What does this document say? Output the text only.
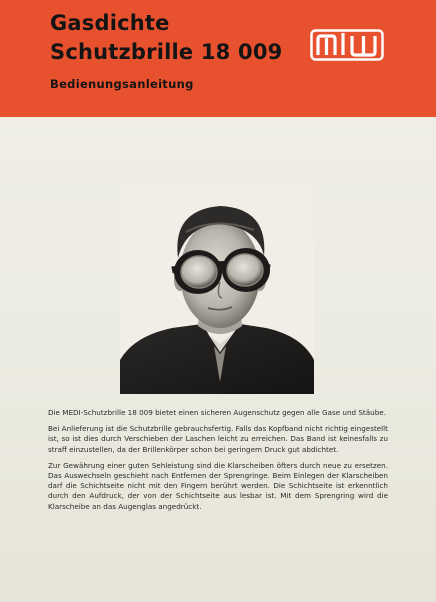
Gasdichte
Schutzbrille 18 009
Bedienungsanleitung

Die MEDI-Schutzbrille 18 009 bietet einen sicheren Augenschutz gegen alle Gase und Stäube.

Bei Anlieferung ist die Schutzbrille gebrauchsfertig. Falls das Kopfband nicht richtig eingestellt ist, so ist dies durch Verschieben der Laschen leicht zu erreichen. Das Band ist keinesfalls zu straff einzustellen, da der Brillenkörper schon bei geringem Druck gut abdichtet.

Zur Gewährung einer guten Sehleistung sind die Klarscheiben öfters durch neue zu ersetzen. Das Auswechseln geschieht nach Entfernen der Sprengringe. Beim Einlegen der Klarscheiben darf die Schichtseite nicht mit den Fingern berührt werden. Die Schichtseite ist erkenntlich durch den Aufdruck, der von der Schichtseite aus lesbar ist. Mit dem Sprengring wird die Klarscheibe an das Augenglas angedrückt.
